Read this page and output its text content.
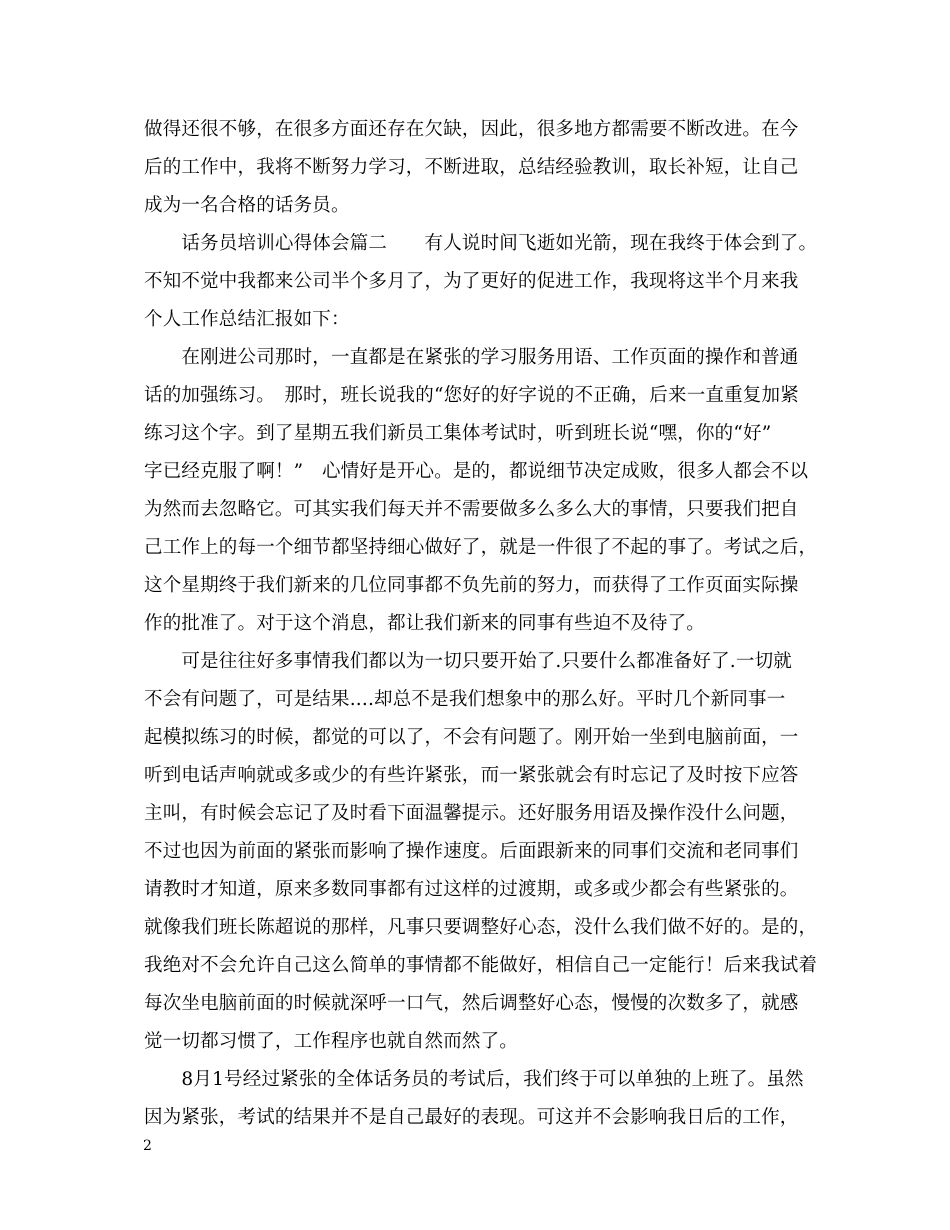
做得还很不够，在很多方面还存在欠缺，因此，很多地方都需要不断改进。在今
后的工作中，我将不断努力学习，不断进取，总结经验教训，取长补短，让自己
成为一名合格的话务员。
　　话务员培训心得体会篇二　　有人说时间飞逝如光箭，现在我终于体会到了。
不知不觉中我都来公司半个多月了，为了更好的促进工作，我现将这半个月来我
个人工作总结汇报如下：
　　在刚进公司那时，一直都是在紧张的学习服务用语、工作页面的操作和普通
话的加强练习。　那时，班长说我的“您好的好字说的不正确，后来一直重复加紧
练习这个字。到了星期五我们新员工集体考试时，听到班长说“嘿，你的“好”
字已经克服了啊！”　心情好是开心。是的，都说细节决定成败，很多人都会不以
为然而去忽略它。可其实我们每天并不需要做多么多么大的事情，只要我们把自
己工作上的每一个细节都坚持细心做好了，就是一件很了不起的事了。考试之后，
这个星期终于我们新来的几位同事都不负先前的努力，而获得了工作页面实际操
作的批准了。对于这个消息，都让我们新来的同事有些迫不及待了。
　　可是往往好多事情我们都以为一切只要开始了.只要什么都准备好了.一切就
不会有问题了，可是结果....却总不是我们想象中的那么好。平时几个新同事一
起模拟练习的时候，都觉的可以了，不会有问题了。刚开始一坐到电脑前面，一
听到电话声响就或多或少的有些许紧张，而一紧张就会有时忘记了及时按下应答
主叫，有时候会忘记了及时看下面温馨提示。还好服务用语及操作没什么问题，
不过也因为前面的紧张而影响了操作速度。后面跟新来的同事们交流和老同事们
请教时才知道，原来多数同事都有过这样的过渡期，或多或少都会有些紧张的。
就像我们班长陈超说的那样，凡事只要调整好心态，没什么我们做不好的。是的，
我绝对不会允许自己这么简单的事情都不能做好，相信自己一定能行！后来我试着
每次坐电脑前面的时候就深呼一口气，然后调整好心态，慢慢的次数多了，就感
觉一切都习惯了，工作程序也就自然而然了。
　　8月1号经过紧张的全体话务员的考试后，我们终于可以单独的上班了。虽然
因为紧张，考试的结果并不是自己最好的表现。可这并不会影响我日后的工作，
2
